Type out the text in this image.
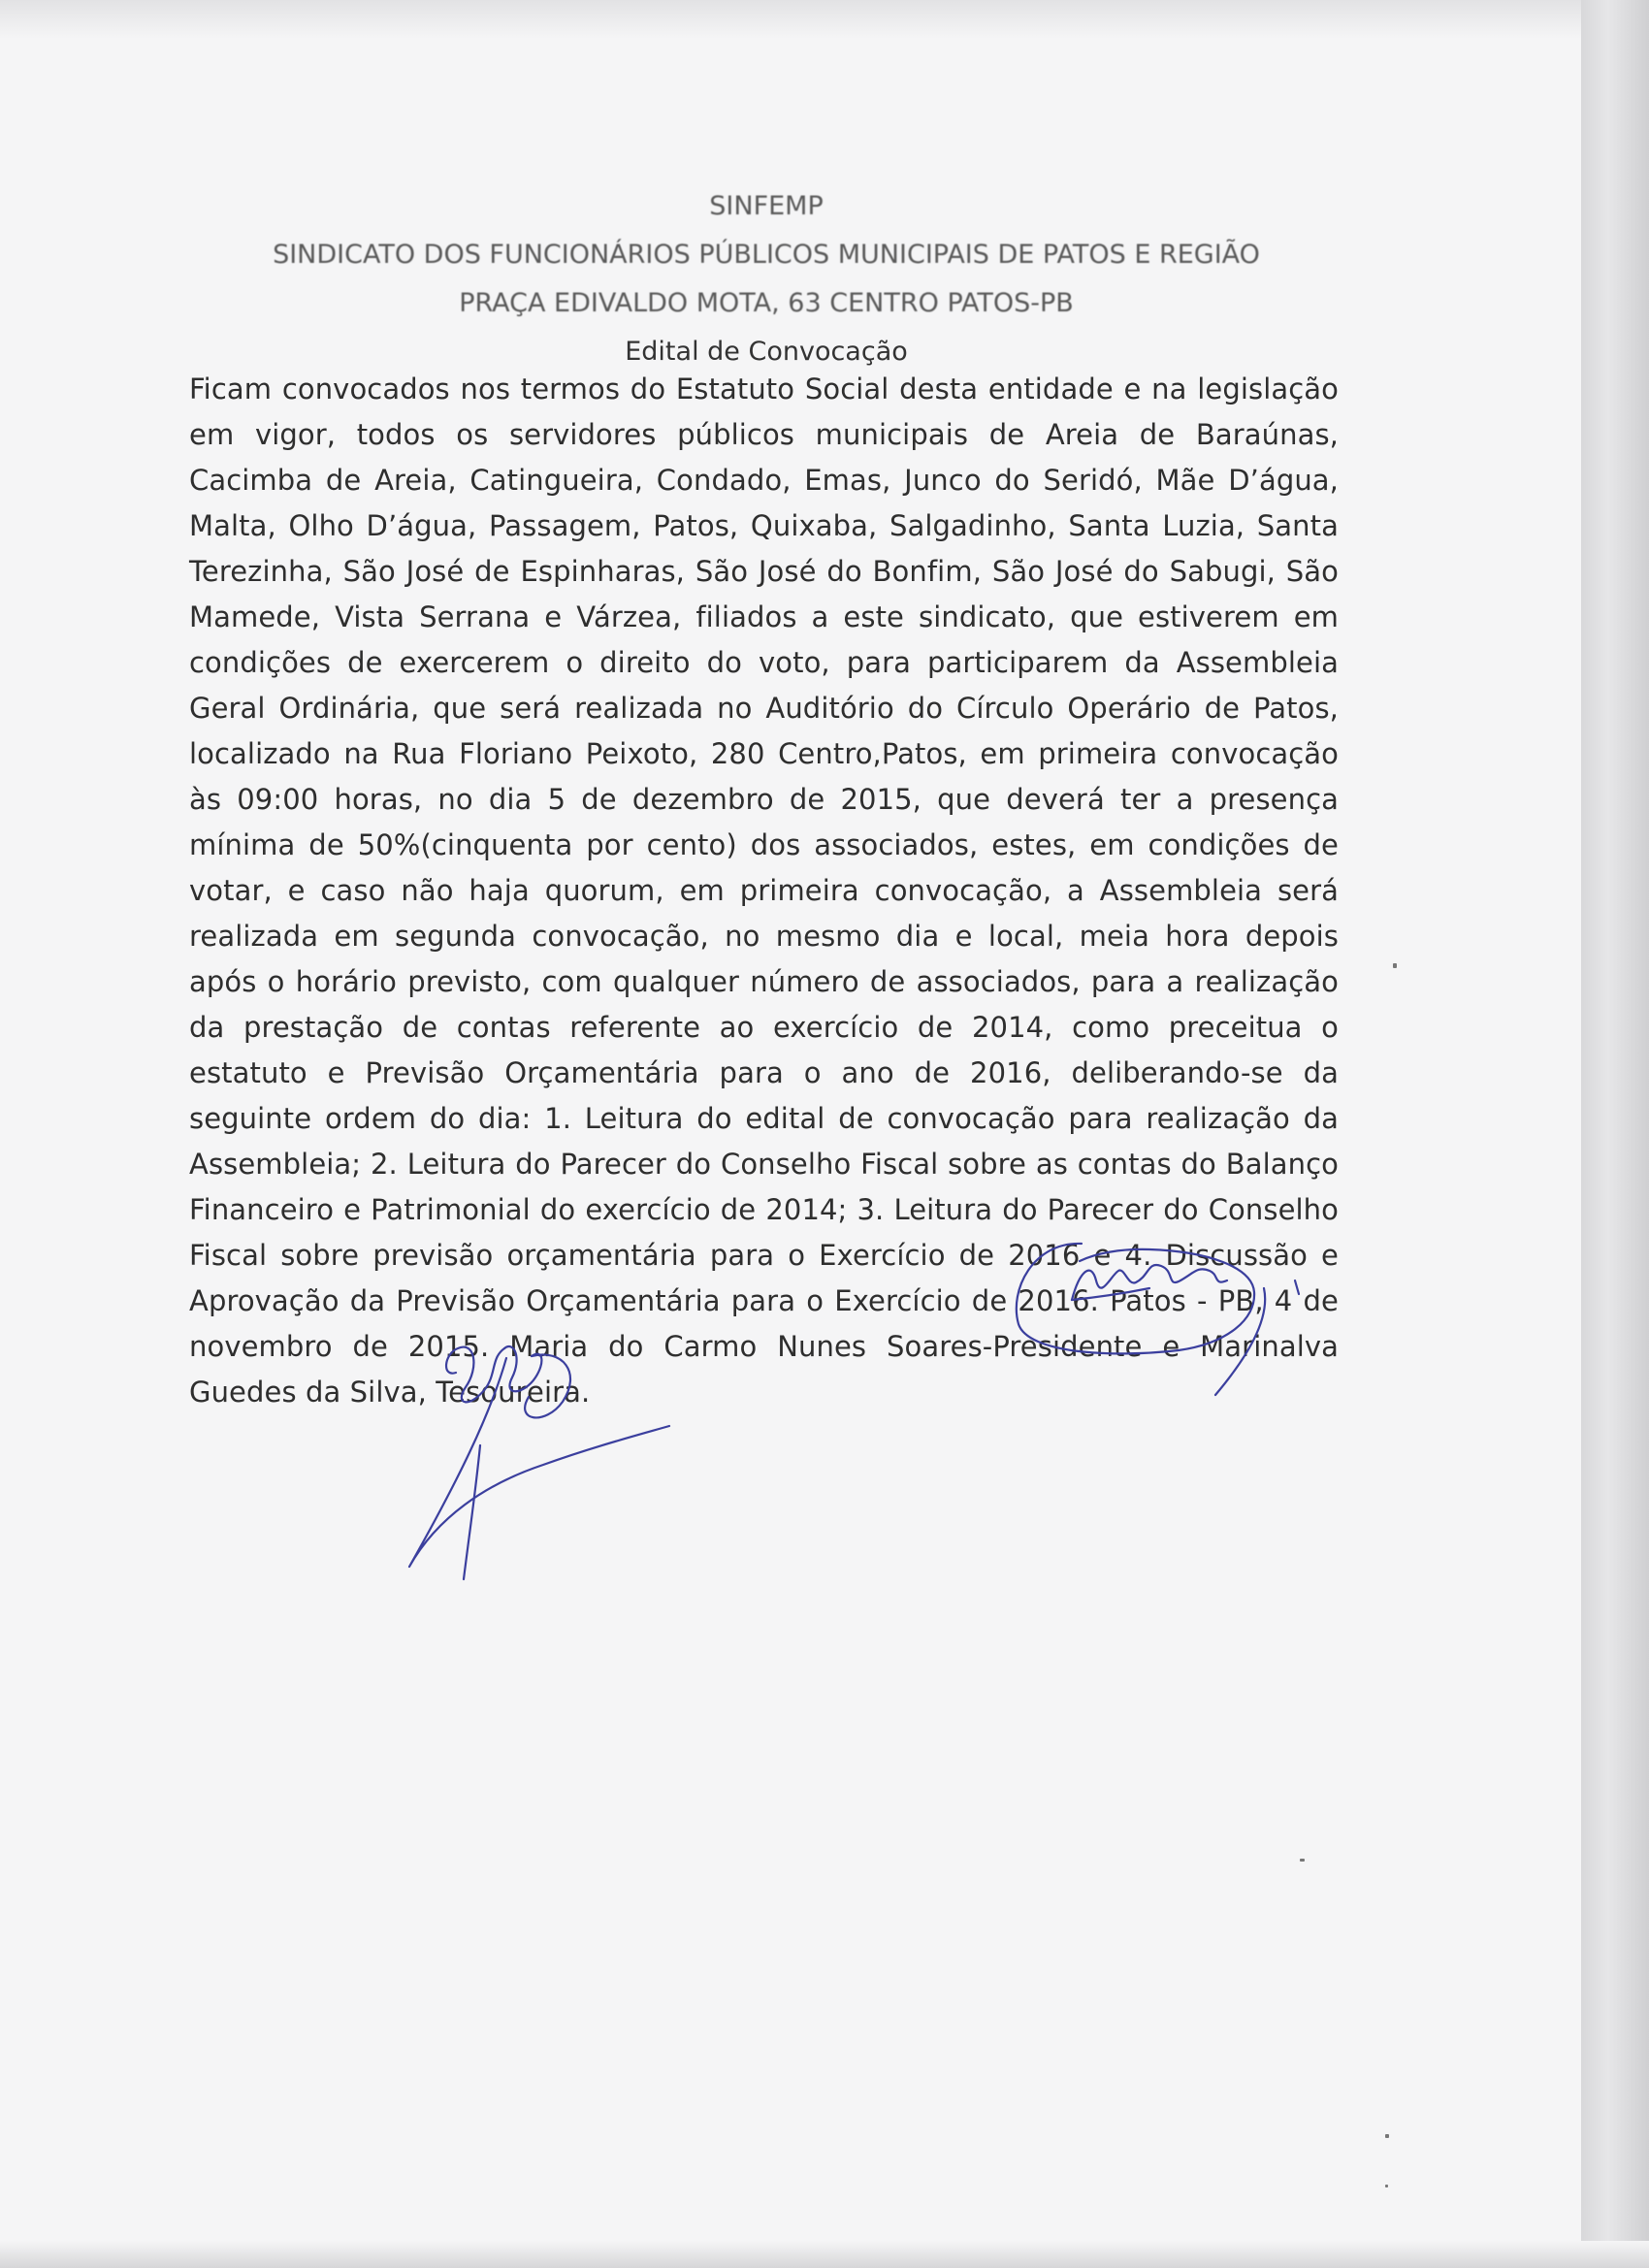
SINFEMP
SINDICATO DOS FUNCIONÁRIOS PÚBLICOS MUNICIPAIS DE PATOS E REGIÃO
PRAÇA EDIVALDO MOTA, 63 CENTRO PATOS-PB
Edital de Convocação

Ficam convocados nos termos do Estatuto Social desta entidade e na legislação em vigor, todos os servidores públicos municipais de Areia de Baraúnas, Cacimba de Areia, Catingueira, Condado, Emas, Junco do Seridó, Mãe D’água, Malta, Olho D’água, Passagem, Patos, Quixaba, Salgadinho, Santa Luzia, Santa Terezinha, São José de Espinharas, São José do Bonfim, São José do Sabugi, São Mamede, Vista Serrana e Várzea, filiados a este sindicato, que estiverem em condições de exercerem o direito do voto, para participarem da Assembleia Geral Ordinária, que será realizada no Auditório do Círculo Operário de Patos, localizado na Rua Floriano Peixoto, 280 Centro,Patos, em primeira convocação às 09:00 horas, no dia 5 de dezembro de 2015, que deverá ter a presença mínima de 50%(cinquenta por cento) dos associados, estes, em condições de votar, e caso não haja quorum, em primeira convocação, a Assembleia será realizada em segunda convocação, no mesmo dia e local, meia hora depois após o horário previsto, com qualquer número de associados, para a realização da prestação de contas referente ao exercício de 2014, como preceitua o estatuto e Previsão Orçamentária para o ano de 2016, deliberando-se da seguinte ordem do dia: 1. Leitura do edital de convocação para realização da Assembleia; 2. Leitura do Parecer do Conselho Fiscal sobre as contas do Balanço Financeiro e Patrimonial do exercício de 2014; 3. Leitura do Parecer do Conselho Fiscal sobre previsão orçamentária para o Exercício de 2016 e 4. Discussão e Aprovação da Previsão Orçamentária para o Exercício de 2016. Patos - PB, 4 de novembro de 2015. Maria do Carmo Nunes Soares-Presidente e Marinalva Guedes da Silva, Tesoureira.
